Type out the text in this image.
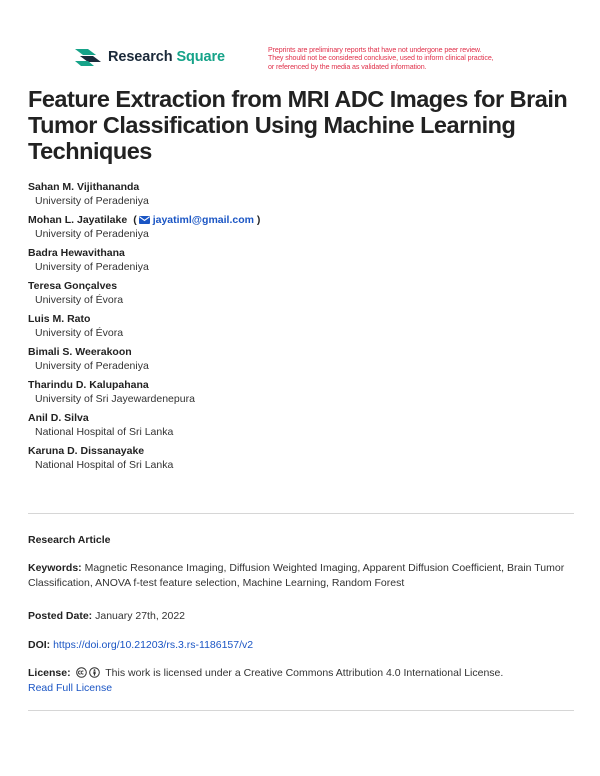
Research Square	Preprints are preliminary reports that have not undergone peer review.
They should not be considered conclusive, used to inform clinical practice,
or referenced by the media as validated information.
Feature Extraction from MRI ADC Images for Brain Tumor Classification Using Machine Learning Techniques
Sahan M. Vijithananda
University of Peradeniya
Mohan L. Jayatilake ( jayatiml@gmail.com )
University of Peradeniya
Badra Hewavithana
University of Peradeniya
Teresa Gonçalves
University of Évora
Luis M. Rato
University of Évora
Bimali S. Weerakoon
University of Peradeniya
Tharindu D. Kalupahana
University of Sri Jayewardenepura
Anil D. Silva
National Hospital of Sri Lanka
Karuna D. Dissanayake
National Hospital of Sri Lanka
Research Article
Keywords: Magnetic Resonance Imaging, Diffusion Weighted Imaging, Apparent Diffusion Coefficient, Brain Tumor Classification, ANOVA f-test feature selection, Machine Learning, Random Forest
Posted Date: January 27th, 2022
DOI: https://doi.org/10.21203/rs.3.rs-1186157/v2
License:	This work is licensed under a Creative Commons Attribution 4.0 International License.
Read Full License
